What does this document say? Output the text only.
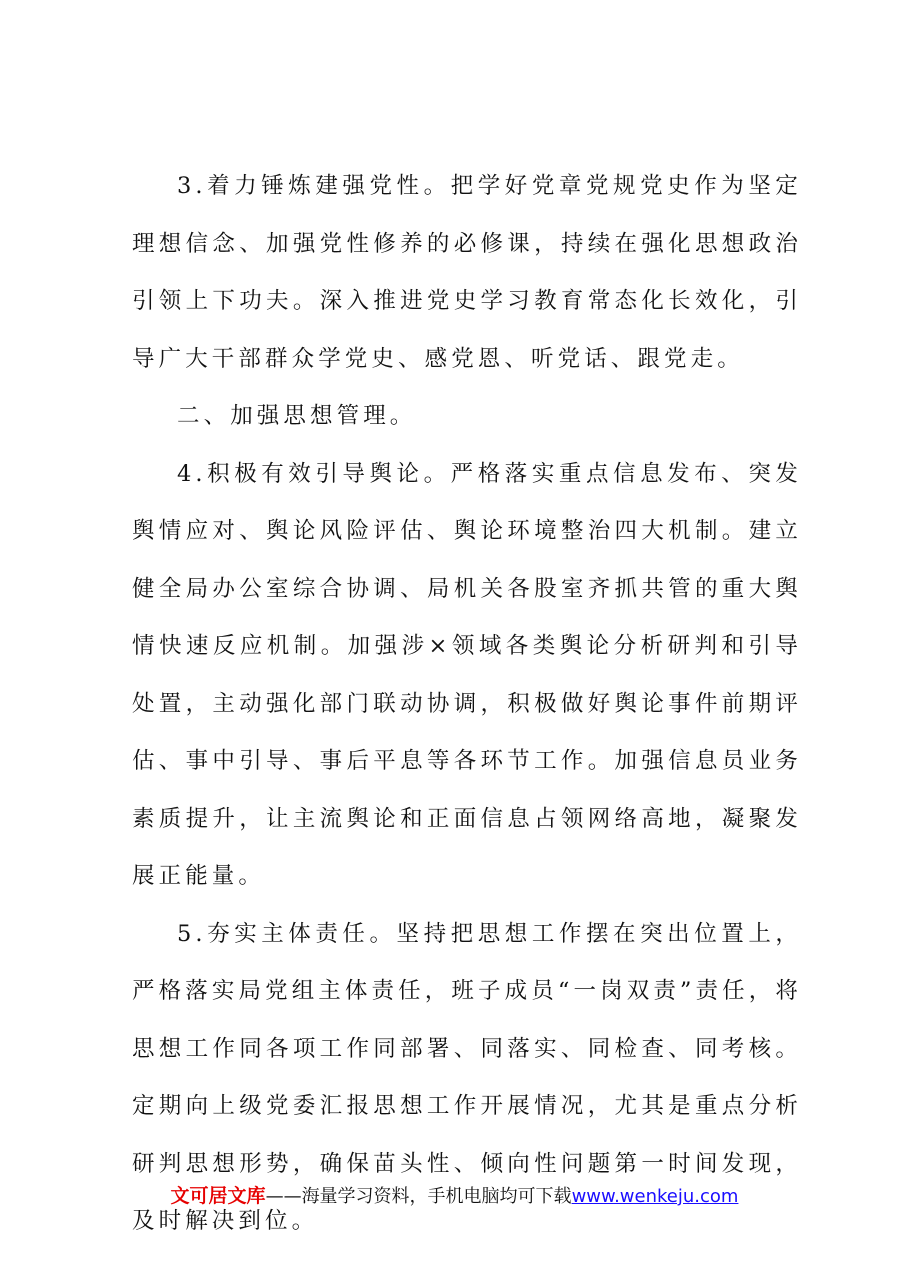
3.着力锤炼建强党性。把学好党章党规党史作为坚定理想信念、加强党性修养的必修课，持续在强化思想政治引领上下功夫。深入推进党史学习教育常态化长效化，引导广大干部群众学党史、感党恩、听党话、跟党走。

二、加强思想管理。

4.积极有效引导舆论。严格落实重点信息发布、突发舆情应对、舆论风险评估、舆论环境整治四大机制。建立健全局办公室综合协调、局机关各股室齐抓共管的重大舆情快速反应机制。加强涉×领域各类舆论分析研判和引导处置，主动强化部门联动协调，积极做好舆论事件前期评估、事中引导、事后平息等各环节工作。加强信息员业务素质提升，让主流舆论和正面信息占领网络高地，凝聚发展正能量。

5.夯实主体责任。坚持把思想工作摆在突出位置上，严格落实局党组主体责任，班子成员“一岗双责”责任，将思想工作同各项工作同部署、同落实、同检查、同考核。定期向上级党委汇报思想工作开展情况，尤其是重点分析研判思想形势，确保苗头性、倾向性问题第一时间发现，及时解决到位。

文可居文库——海量学习资料，手机电脑均可下载www.wenkeju.com
